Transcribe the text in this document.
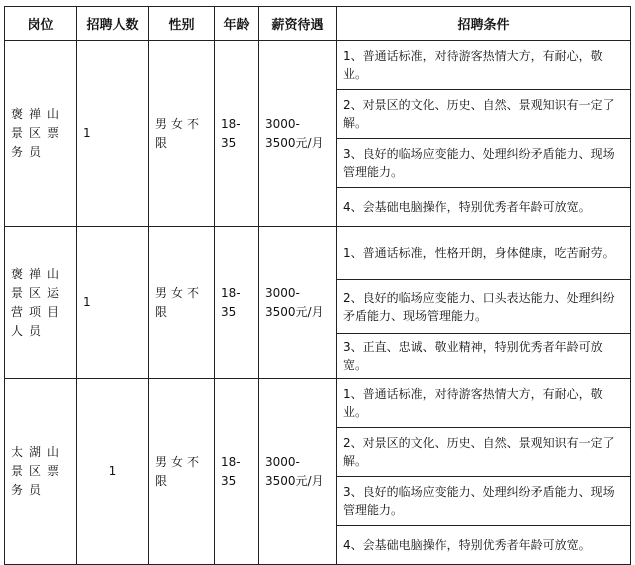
岗位	招聘人数	性别	年龄	薪资待遇	招聘条件
褒禅山景区票务员	1	男女不限	18-35	3000-3500元/月	1、普通话标准，对待游客热情大方，有耐心，敬业。
					2、对景区的文化、历史、自然、景观知识有一定了解。
					3、良好的临场应变能力、处理纠纷矛盾能力、现场管理能力。
					4、会基础电脑操作，特别优秀者年龄可放宽。
褒禅山景区运营项目人员	1	男女不限	18-35	3000-3500元/月	1、普通话标准，性格开朗，身体健康，吃苦耐劳。
					2、良好的临场应变能力、口头表达能力、处理纠纷矛盾能力、现场管理能力。
					3、正直、忠诚、敬业精神，特别优秀者年龄可放宽。
太湖山景区票务员	1	男女不限	18-35	3000-3500元/月	1、普通话标准，对待游客热情大方，有耐心，敬业。
					2、对景区的文化、历史、自然、景观知识有一定了解。
					3、良好的临场应变能力、处理纠纷矛盾能力、现场管理能力。
					4、会基础电脑操作，特别优秀者年龄可放宽。
